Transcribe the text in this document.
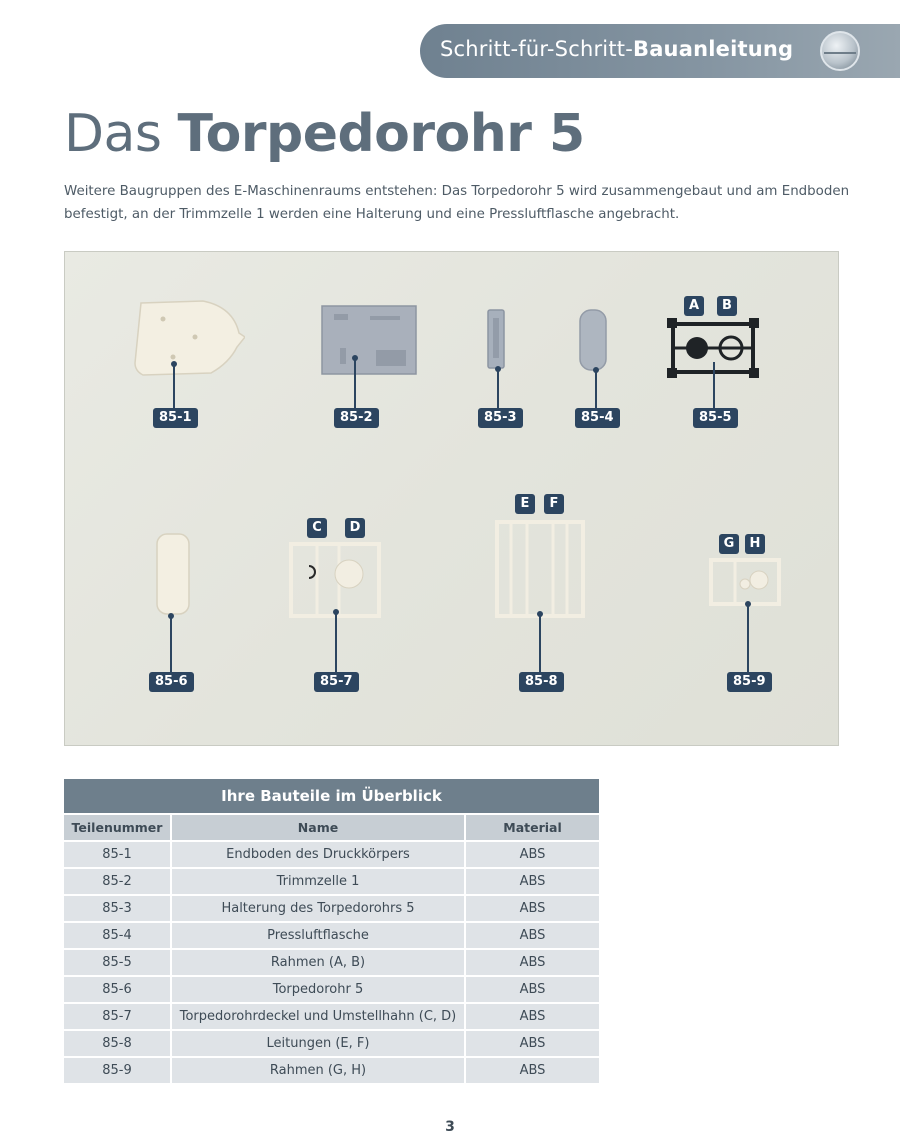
Schritt-für-Schritt-Bauanleitung
Das Torpedorohr 5
Weitere Baugruppen des E-Maschinenraums entstehen: Das Torpedorohr 5 wird zusammengebaut und am Endboden befestigt, an der Trimmzelle 1 werden eine Halterung und eine Pressluftflasche angebracht.
85-1	85-2	85-3	85-4	85-5
85-6	85-7	85-8	85-9
A	B
C	D
E	F
G	H
Ihre Bauteile im Überblick
Teilenummer	Name	Material
85-1	Endboden des Druckkörpers	ABS
85-2	Trimmzelle 1	ABS
85-3	Halterung des Torpedorohrs 5	ABS
85-4	Pressluftflasche	ABS
85-5	Rahmen (A, B)	ABS
85-6	Torpedorohr 5	ABS
85-7	Torpedorohrdeckel und Umstellhahn (C, D)	ABS
85-8	Leitungen (E, F)	ABS
85-9	Rahmen (G, H)	ABS
3
